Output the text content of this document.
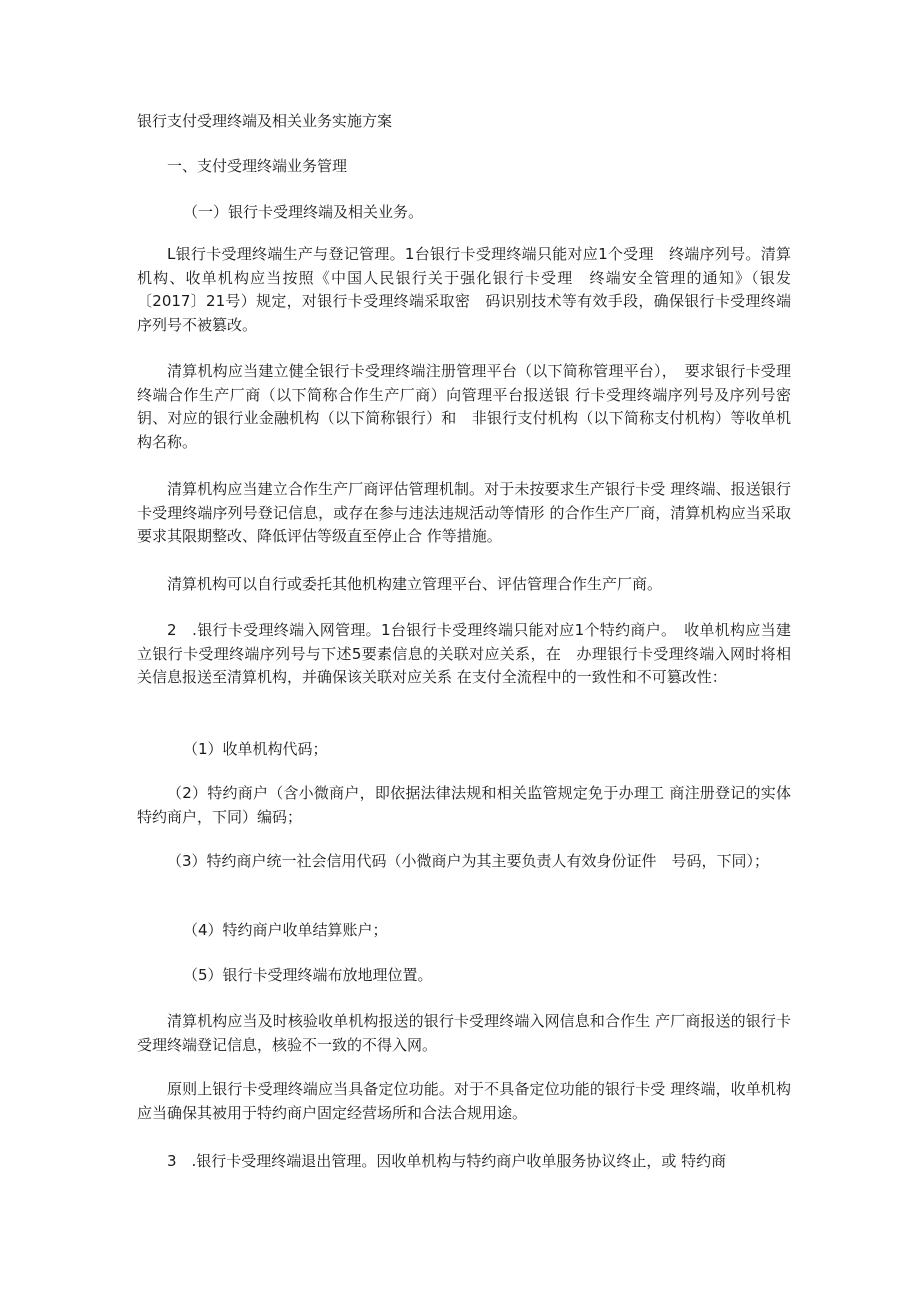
银行支付受理终端及相关业务实施方案

一、支付受理终端业务管理

（一）银行卡受理终端及相关业务。

L银行卡受理终端生产与登记管理。1台银行卡受理终端只能对应1个受理　终端序列号。清算机构、收单机构应当按照《中国人民银行关于强化银行卡受理　终端安全管理的通知》（银发〔2017〕21号）规定，对银行卡受理终端采取密　码识别技术等有效手段，确保银行卡受理终端序列号不被篡改。

清算机构应当建立健全银行卡受理终端注册管理平台（以下简称管理平台），　要求银行卡受理终端合作生产厂商（以下简称合作生产厂商）向管理平台报送银 行卡受理终端序列号及序列号密钥、对应的银行业金融机构（以下简称银行）和　非银行支付机构（以下简称支付机构）等收单机构名称。

清算机构应当建立合作生产厂商评估管理机制。对于未按要求生产银行卡受 理终端、报送银行卡受理终端序列号登记信息，或存在参与违法违规活动等情形 的合作生产厂商，清算机构应当采取要求其限期整改、降低评估等级直至停止合 作等措施。

清算机构可以自行或委托其他机构建立管理平台、评估管理合作生产厂商。

2　.银行卡受理终端入网管理。1台银行卡受理终端只能对应1个特约商户。　收单机构应当建立银行卡受理终端序列号与下述5要素信息的关联对应关系，在　办理银行卡受理终端入网时将相关信息报送至清算机构，并确保该关联对应关系 在支付全流程中的一致性和不可篡改性：

（1）收单机构代码；

（2）特约商户（含小微商户，即依据法律法规和相关监管规定免于办理工 商注册登记的实体特约商户，下同）编码；

（3）特约商户统一社会信用代码（小微商户为其主要负责人有效身份证件　号码，下同）；

（4）特约商户收单结算账户；

（5）银行卡受理终端布放地理位置。

清算机构应当及时核验收单机构报送的银行卡受理终端入网信息和合作生 产厂商报送的银行卡受理终端登记信息，核验不一致的不得入网。

原则上银行卡受理终端应当具备定位功能。对于不具备定位功能的银行卡受 理终端，收单机构应当确保其被用于特约商户固定经营场所和合法合规用途。

3　.银行卡受理终端退出管理。因收单机构与特约商户收单服务协议终止，或 特约商
